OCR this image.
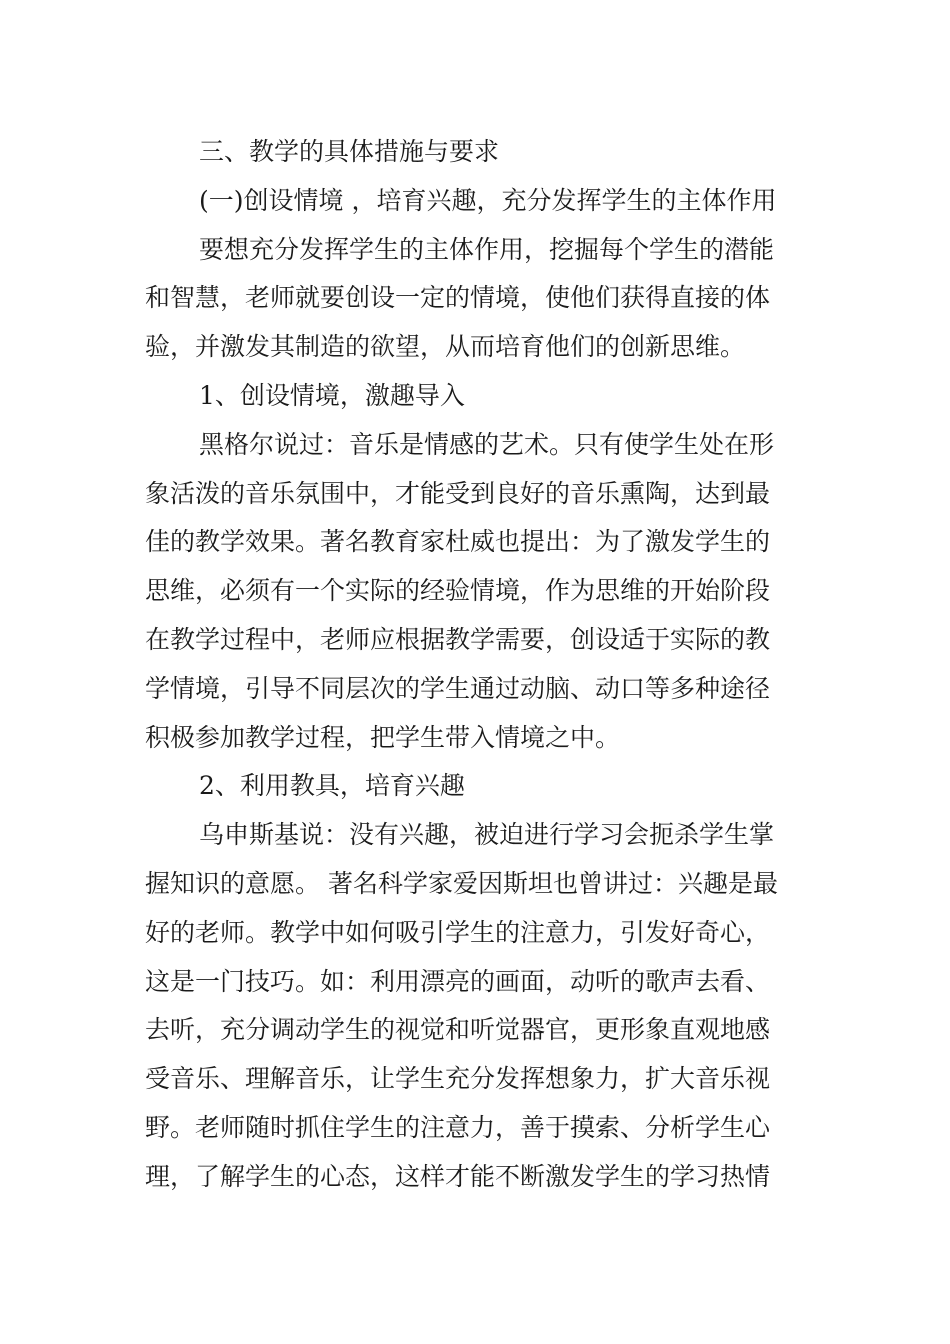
三、教学的具体措施与要求
(一)创设情境 ，培育兴趣，充分发挥学生的主体作用
要想充分发挥学生的主体作用，挖掘每个学生的潜能
和智慧，老师就要创设一定的情境，使他们获得直接的体
验，并激发其制造的欲望，从而培育他们的创新思维。
1、创设情境，激趣导入
黑格尔说过：音乐是情感的艺术。只有使学生处在形
象活泼的音乐氛围中，才能受到良好的音乐熏陶，达到最
佳的教学效果。著名教育家杜威也提出：为了激发学生的
思维，必须有一个实际的经验情境，作为思维的开始阶段
在教学过程中，老师应根据教学需要，创设适于实际的教
学情境，引导不同层次的学生通过动脑、动口等多种途径
积极参加教学过程，把学生带入情境之中。
2、利用教具，培育兴趣
乌申斯基说：没有兴趣，被迫进行学习会扼杀学生掌
握知识的意愿。 著名科学家爱因斯坦也曾讲过：兴趣是最
好的老师。教学中如何吸引学生的注意力，引发好奇心，
这是一门技巧。如：利用漂亮的画面，动听的歌声去看、
去听，充分调动学生的视觉和听觉器官，更形象直观地感
受音乐、理解音乐，让学生充分发挥想象力，扩大音乐视
野。老师随时抓住学生的注意力，善于摸索、分析学生心
理，了解学生的心态，这样才能不断激发学生的学习热情
